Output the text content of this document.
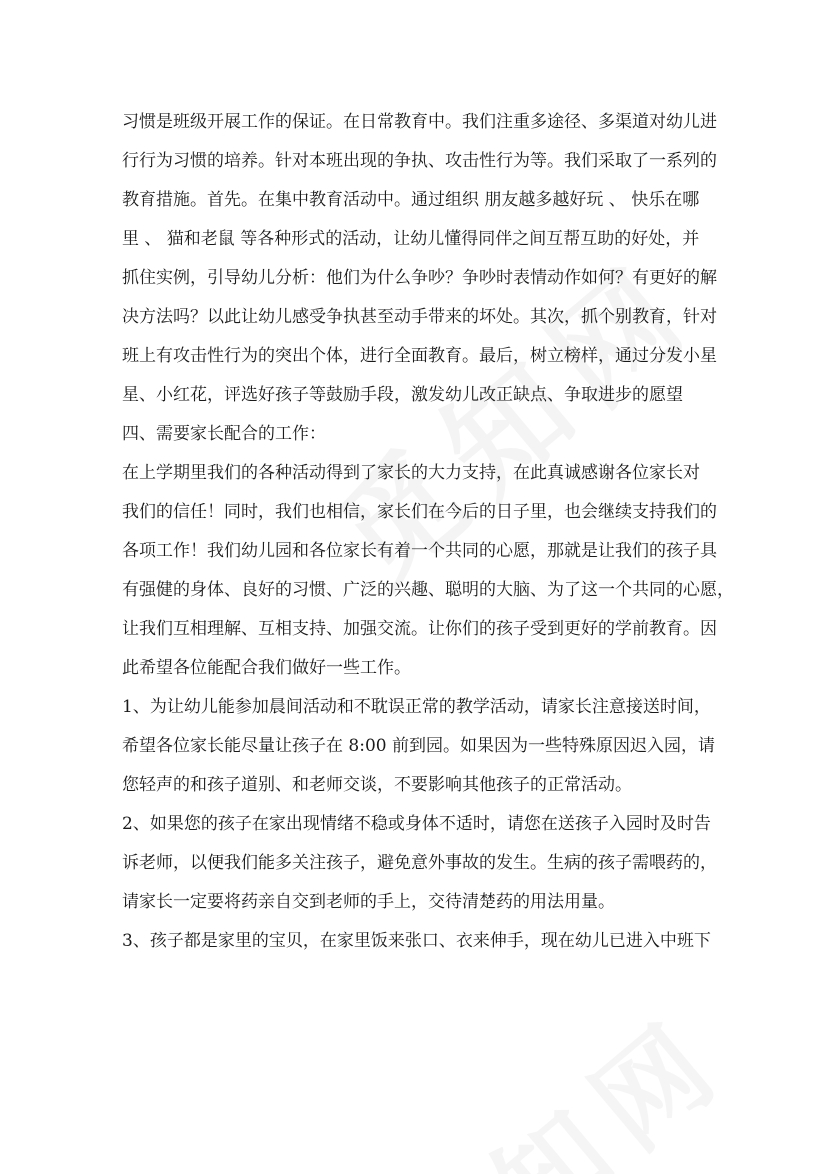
习惯是班级开展工作的保证。在日常教育中。我们注重多途径、多渠道对幼儿进
行行为习惯的培养。针对本班出现的争执、攻击性行为等。我们采取了一系列的
教育措施。首先。在集中教育活动中。通过组织 朋友越多越好玩 、 快乐在哪
里 、 猫和老鼠 等各种形式的活动，让幼儿懂得同伴之间互帮互助的好处，并
抓住实例，引导幼儿分析：他们为什么争吵？争吵时表情动作如何？有更好的解
决方法吗？以此让幼儿感受争执甚至动手带来的坏处。其次，抓个别教育，针对
班上有攻击性行为的突出个体，进行全面教育。最后，树立榜样，通过分发小星
星、小红花，评选好孩子等鼓励手段，激发幼儿改正缺点、争取进步的愿望
四、需要家长配合的工作：
在上学期里我们的各种活动得到了家长的大力支持，在此真诚感谢各位家长对
我们的信任！同时，我们也相信，家长们在今后的日子里，也会继续支持我们的
各项工作！我们幼儿园和各位家长有着一个共同的心愿，那就是让我们的孩子具
有强健的身体、良好的习惯、广泛的兴趣、聪明的大脑、为了这一个共同的心愿，
让我们互相理解、互相支持、加强交流。让你们的孩子受到更好的学前教育。因
此希望各位能配合我们做好一些工作。
1、为让幼儿能参加晨间活动和不耽误正常的教学活动，请家长注意接送时间，
希望各位家长能尽量让孩子在 8:00 前到园。如果因为一些特殊原因迟入园，请
您轻声的和孩子道别、和老师交谈，不要影响其他孩子的正常活动。
2、如果您的孩子在家出现情绪不稳或身体不适时，请您在送孩子入园时及时告
诉老师，以便我们能多关注孩子，避免意外事故的发生。生病的孩子需喂药的，
请家长一定要将药亲自交到老师的手上，交待清楚药的用法用量。
3、孩子都是家里的宝贝，在家里饭来张口、衣来伸手，现在幼儿已进入中班下
